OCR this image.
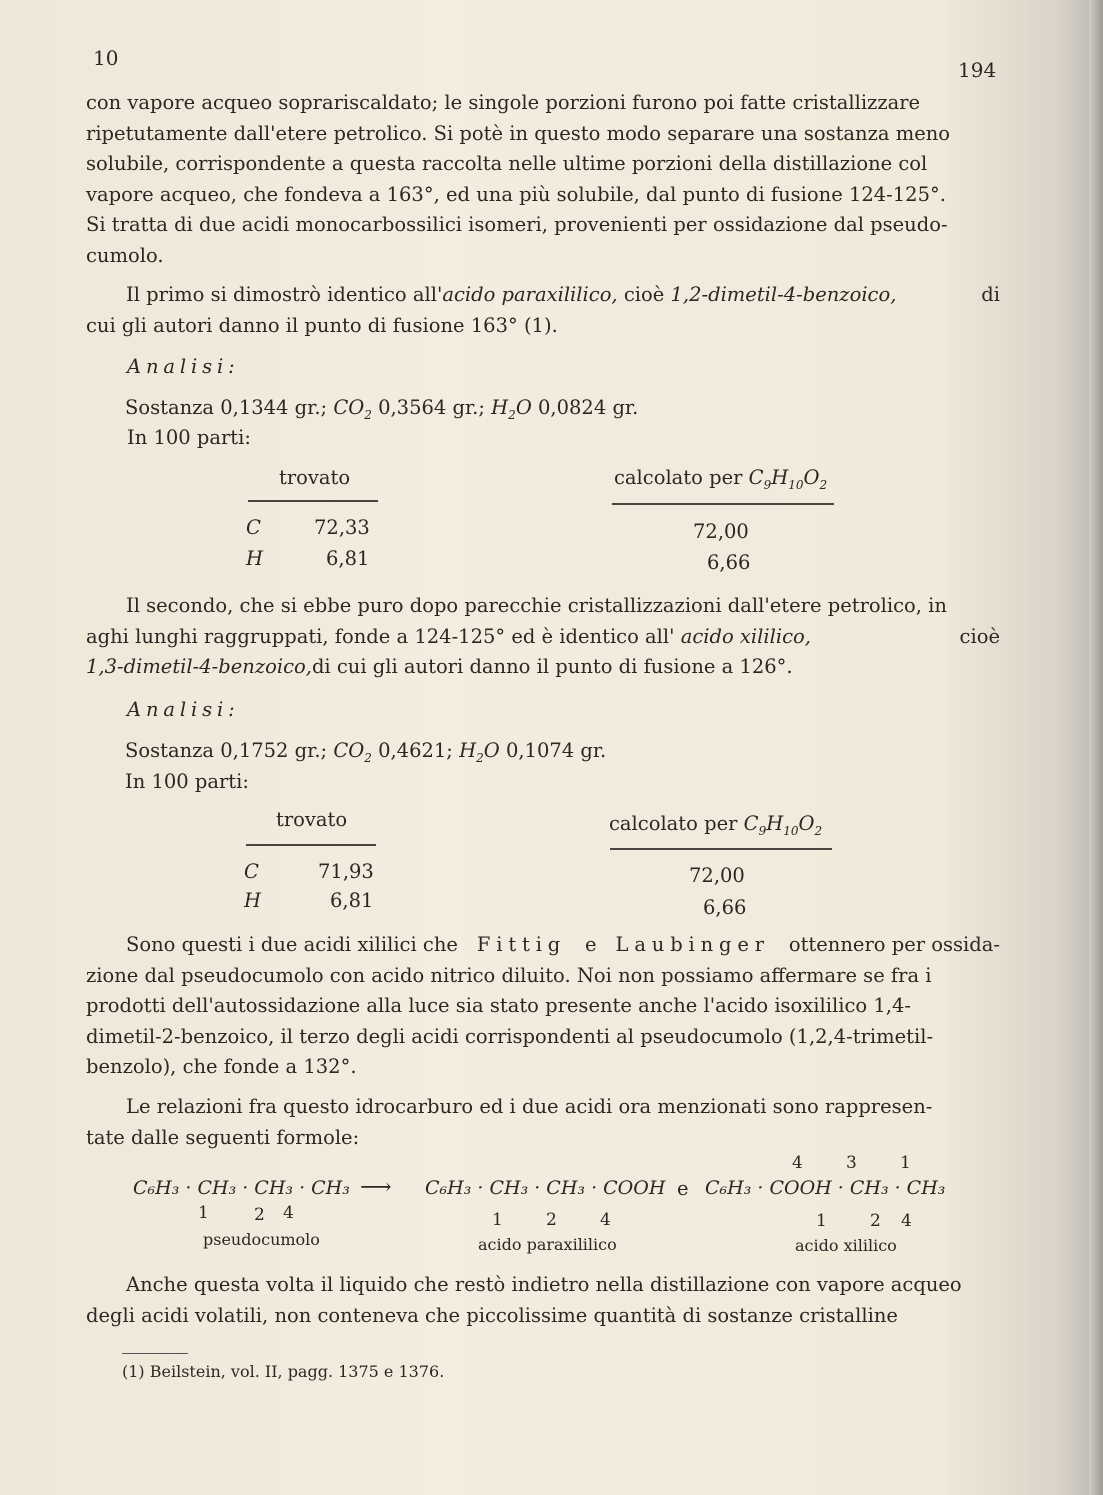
10	194
con vapore acqueo soprariscaldato; le singole porzioni furono poi fatte cristallizzare
ripetutamente dall'etere petrolico. Si potè in questo modo separare una sostanza meno
solubile, corrispondente a questa raccolta nelle ultime porzioni della distillazione col
vapore acqueo, che fondeva a 163°, ed una più solubile, dal punto di fusione 124-125°.
Si tratta di due acidi monocarbossilici isomeri, provenienti per ossidazione dal pseudo-
cumolo.
Il primo si dimostrò identico all'acido paraxililico, cioè 1,2-dimetil-4-benzoico,	di
cui gli autori danno il punto di fusione 163° (1).
Analisi:
Sostanza 0,1344 gr.; $CO_2$ 0,3564 gr.; $H_2O$ 0,0824 gr.
In 100 parti:
trovato	calcolato per $C_9H_{10}O_2$
C	72,33	72,00
H	6,81	6,66
Il secondo, che si ebbe puro dopo parecchie cristallizzazioni dall'etere petrolico, in
aghi lunghi raggruppati, fonde a 124-125° ed è identico all' acido xililico,	cioè
1,3-dimetil-4-benzoico, di cui gli autori danno il punto di fusione a 126°.
Analisi:
Sostanza 0,1752 gr.; $CO_2$ 0,4621; $H_2O$ 0,1074 gr.
In 100 parti:
trovato	calcolato per $C_9H_{10}O_2$
C	71,93	72,00
H	6,81	6,66
Sono questi i due acidi xililici che Fittig e Laubinger ottennero per ossida-
zione dal pseudocumolo con acido nitrico diluito. Noi non possiamo affermare se fra i
prodotti dell'autossidazione alla luce sia stato presente anche l'acido isoxililico 1,4-
dimetil-2-benzoico, il terzo degli acidi corrispondenti al pseudocumolo (1,2,4-trimetil-
benzolo), che fonde a 132°.
Le relazioni fra questo idrocarburo ed i due acidi ora menzionati sono rappresen-
tate dalle seguenti formole:
4	3	1
C₆H₃ · CH₃ · CH₃ · CH₃ ⟶ C₆H₃ · CH₃ · CH₃ · COOH e C₆H₃ · COOH · CH₃ · CH₃
1	2 4	1	2	4	1	2 4
pseudocumolo	acido paraxililico	acido xililico
Anche questa volta il liquido che restò indietro nella distillazione con vapore acqueo
degli acidi volatili, non conteneva che piccolissime quantità di sostanze cristalline
(1) Beilstein, vol. II, pagg. 1375 e 1376.
